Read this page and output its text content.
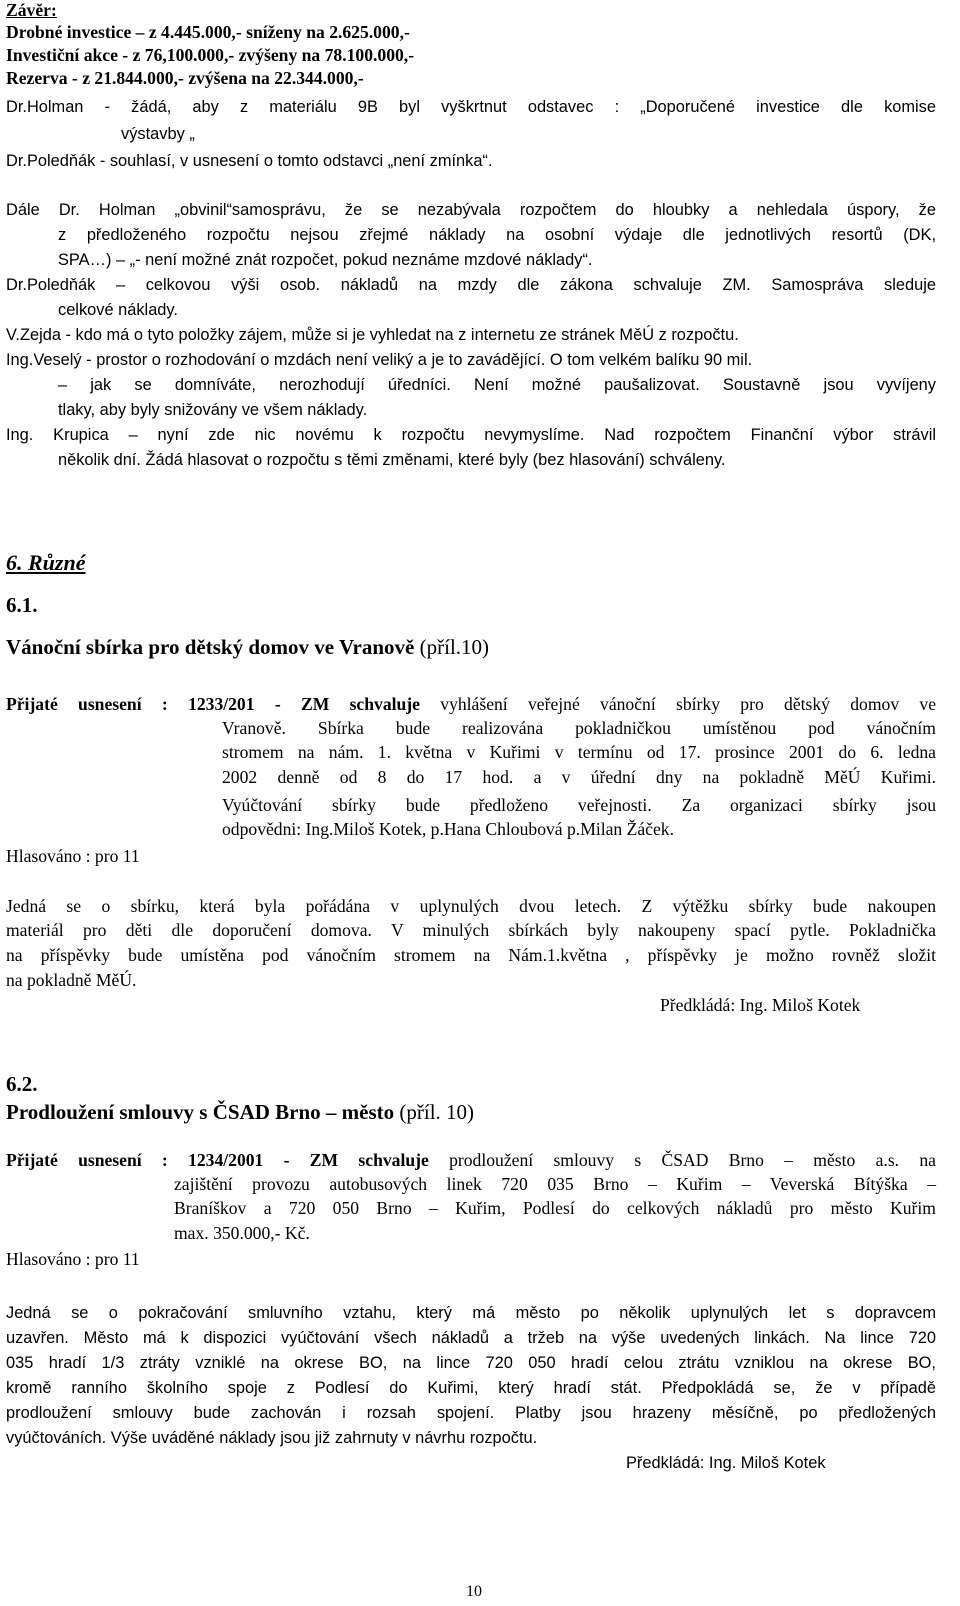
Závěr:
Drobné investice – z 4.445.000,- sníženy na 2.625.000,-
Investiční akce - z 76,100.000,- zvýšeny na 78.100.000,-
Rezerva - z 21.844.000,- zvýšena na 22.344.000,-
Dr.Holman - žádá, aby z materiálu 9B byl vyškrtnut odstavec : „Doporučené investice dle komise
výstavby „
Dr.Poledňák - souhlasí, v usnesení o tomto odstavci „není zmínka“.
Dále Dr. Holman „obvinil“samosprávu, že se nezabývala rozpočtem do hloubky a nehledala úspory, že
z předloženého rozpočtu nejsou zřejmé náklady na osobní výdaje dle jednotlivých resortů (DK,
SPA…) – „- není možné znát rozpočet, pokud neznáme mzdové náklady“.
Dr.Poledňák – celkovou výši osob. nákladů na mzdy dle zákona schvaluje ZM. Samospráva sleduje
celkové náklady.
V.Zejda - kdo má o tyto položky zájem, může si je vyhledat na z internetu ze stránek MěÚ z rozpočtu.
Ing.Veselý - prostor o rozhodování o mzdách není veliký a je to zavádějící. O tom velkém balíku 90 mil.
– jak se domníváte, nerozhodují úředníci. Není možné paušalizovat. Soustavně jsou vyvíjeny
tlaky, aby byly snižovány ve všem náklady.
Ing. Krupica – nyní zde nic novému k rozpočtu nevymyslíme. Nad rozpočtem Finanční výbor strávil
několik dní. Žádá hlasovat o rozpočtu s těmi změnami, které byly (bez hlasování) schváleny.
6. Různé
6.1.
Vánoční sbírka pro dětský domov ve Vranově (příl.10)
Přijaté usnesení : 1233/201 - ZM schvaluje vyhlášení veřejné vánoční sbírky pro dětský domov ve
Vranově. Sbírka bude realizována pokladničkou umístěnou pod vánočním
stromem na nám. 1. května v Kuřimi v termínu od 17. prosince 2001 do 6. ledna
2002 denně od 8 do 17 hod. a v úřední dny na pokladně MěÚ Kuřimi.
Vyúčtování sbírky bude předloženo veřejnosti. Za organizaci sbírky jsou
odpovědni: Ing.Miloš Kotek, p.Hana Chloubová p.Milan Žáček.
Hlasováno : pro 11
Jedná se o sbírku, která byla pořádána v uplynulých dvou letech. Z výtěžku sbírky bude nakoupen
materiál pro děti dle doporučení domova. V minulých sbírkách byly nakoupeny spací pytle. Pokladnička
na příspěvky bude umístěna pod vánočním stromem na Nám.1.května , příspěvky je možno rovněž složit
na pokladně MěÚ.
Předkládá: Ing. Miloš Kotek
6.2.
Prodloužení smlouvy s ČSAD Brno – město (příl. 10)
Přijaté usnesení : 1234/2001 - ZM schvaluje prodloužení smlouvy s ČSAD Brno – město a.s. na
zajištění provozu autobusových linek 720 035 Brno – Kuřim – Veverská Bítýška –
Braníškov a 720 050 Brno – Kuřim, Podlesí do celkových nákladů pro město Kuřim
max. 350.000,- Kč.
Hlasováno : pro 11
Jedná se o pokračování smluvního vztahu, který má město po několik uplynulých let s dopravcem
uzavřen. Město má k dispozici vyúčtování všech nákladů a tržeb na výše uvedených linkách. Na lince 720
035 hradí 1/3 ztráty vzniklé na okrese BO, na lince 720 050 hradí celou ztrátu vzniklou na okrese BO,
kromě ranního školního spoje z Podlesí do Kuřimi, který hradí stát. Předpokládá se, že v případě
prodloužení smlouvy bude zachován i rozsah spojení. Platby jsou hrazeny měsíčně, po předložených
vyúčtováních. Výše uváděné náklady jsou již zahrnuty v návrhu rozpočtu.
Předkládá: Ing. Miloš Kotek
10
